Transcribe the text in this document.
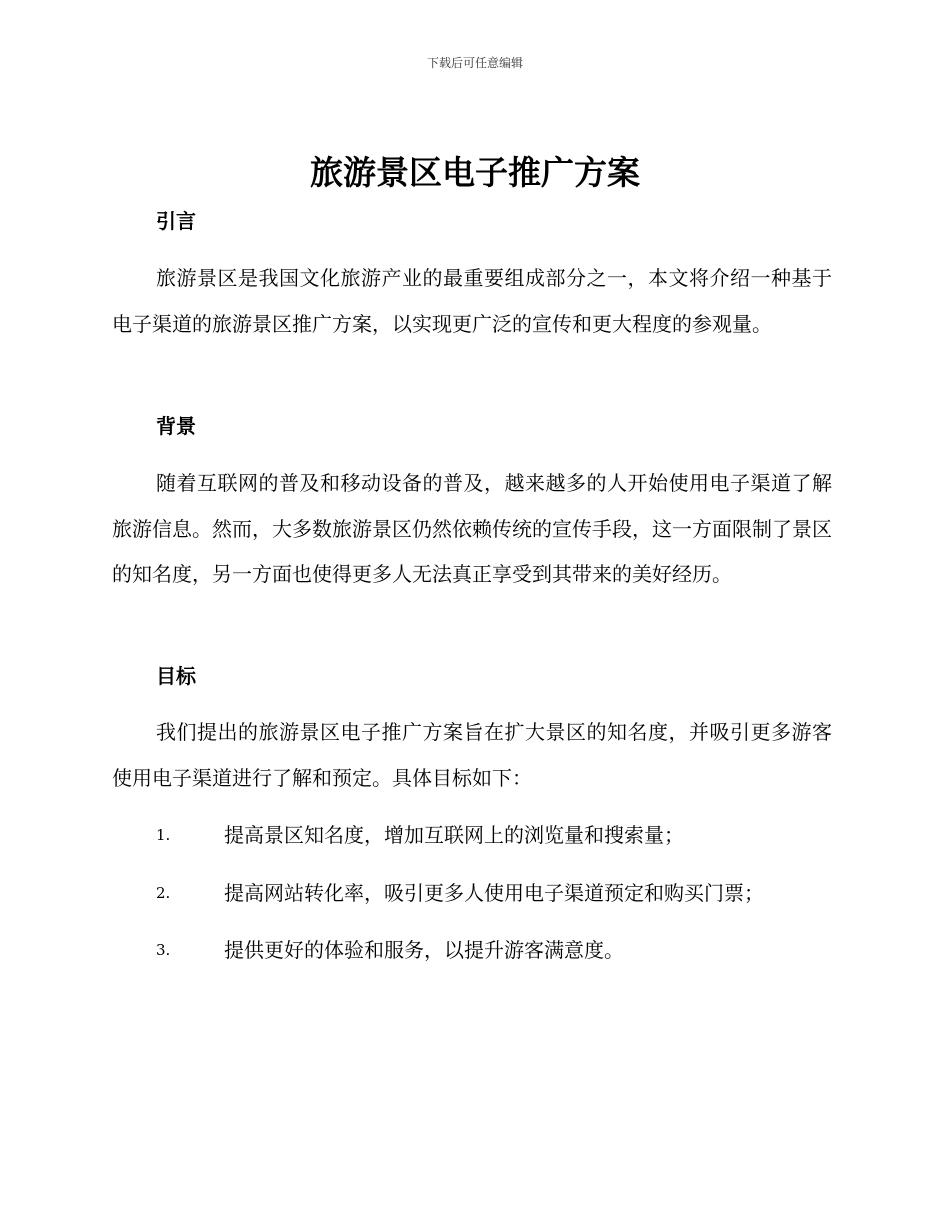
下载后可任意编辑
旅游景区电子推广方案
引言

旅游景区是我国文化旅游产业的最重要组成部分之一，本文将介绍一种基于电子渠道的旅游景区推广方案，以实现更广泛的宣传和更大程度的参观量。

背景

随着互联网的普及和移动设备的普及，越来越多的人开始使用电子渠道了解旅游信息。然而，大多数旅游景区仍然依赖传统的宣传手段，这一方面限制了景区的知名度，另一方面也使得更多人无法真正享受到其带来的美好经历。

目标

我们提出的旅游景区电子推广方案旨在扩大景区的知名度，并吸引更多游客使用电子渠道进行了解和预定。具体目标如下：

1.	提高景区知名度，增加互联网上的浏览量和搜索量；
2.	提高网站转化率，吸引更多人使用电子渠道预定和购买门票；
3.	提供更好的体验和服务，以提升游客满意度。
